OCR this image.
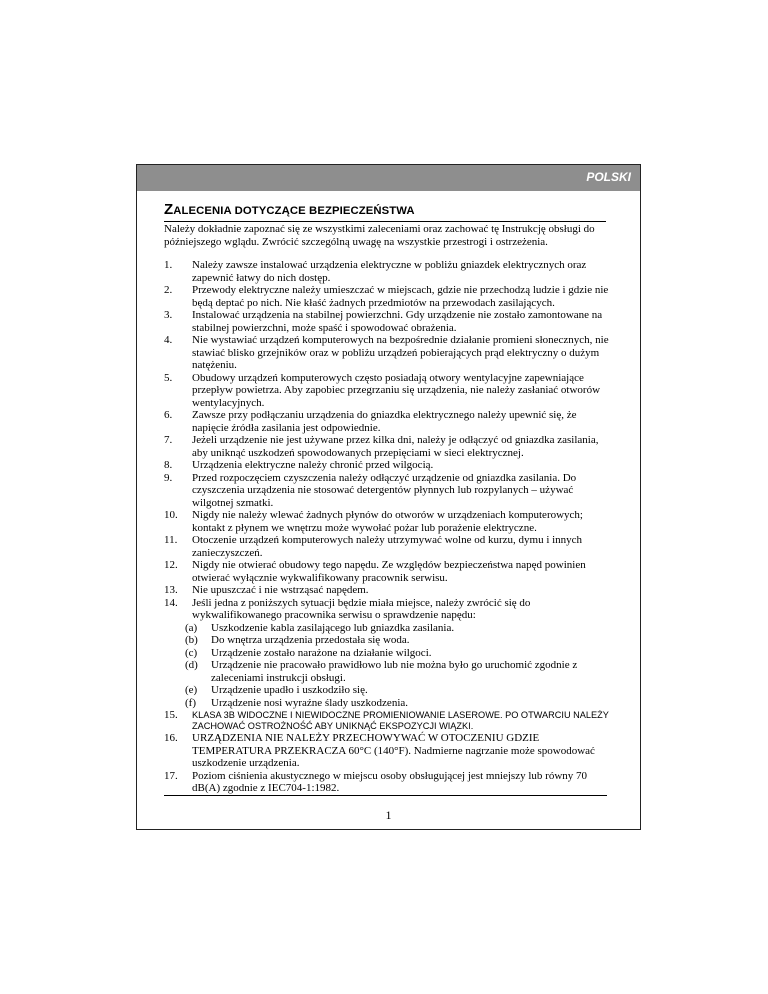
POLSKI
ZALECENIA DOTYCZĄCE BEZPIECZEŃSTWA
Należy dokładnie zapoznać się ze wszystkimi zaleceniami oraz zachować tę Instrukcję obsługi do późniejszego wglądu. Zwrócić szczególną uwagę na wszystkie przestrogi i ostrzeżenia.
1. Należy zawsze instalować urządzenia elektryczne w pobliżu gniazdek elektrycznych oraz zapewnić łatwy do nich dostęp.
2. Przewody elektryczne należy umieszczać w miejscach, gdzie nie przechodzą ludzie i gdzie nie będą deptać po nich. Nie kłaść żadnych przedmiotów na przewodach zasilających.
3. Instalować urządzenia na stabilnej powierzchni. Gdy urządzenie nie zostało zamontowane na stabilnej powierzchni, może spaść i spowodować obrażenia.
4. Nie wystawiać urządzeń komputerowych na bezpośrednie działanie promieni słonecznych, nie stawiać blisko grzejników oraz w pobliżu urządzeń pobierających prąd elektryczny o dużym natężeniu.
5. Obudowy urządzeń komputerowych często posiadają otwory wentylacyjne zapewniające przepływ powietrza. Aby zapobiec przegrzaniu się urządzenia, nie należy zasłaniać otworów wentylacyjnych.
6. Zawsze przy podłączaniu urządzenia do gniazdka elektrycznego należy upewnić się, że napięcie źródła zasilania jest odpowiednie.
7. Jeżeli urządzenie nie jest używane przez kilka dni, należy je odłączyć od gniazdka zasilania, aby uniknąć uszkodzeń spowodowanych przepięciami w sieci elektrycznej.
8. Urządzenia elektryczne należy chronić przed wilgocią.
9. Przed rozpoczęciem czyszczenia należy odłączyć urządzenie od gniazdka zasilania. Do czyszczenia urządzenia nie stosować detergentów płynnych lub rozpylanych – używać wilgotnej szmatki.
10. Nigdy nie należy wlewać żadnych płynów do otworów w urządzeniach komputerowych; kontakt z płynem we wnętrzu może wywołać pożar lub porażenie elektryczne.
11. Otoczenie urządzeń komputerowych należy utrzymywać wolne od kurzu, dymu i innych zanieczyszczeń.
12. Nigdy nie otwierać obudowy tego napędu. Ze względów bezpieczeństwa napęd powinien otwierać wyłącznie wykwalifikowany pracownik serwisu.
13. Nie upuszczać i nie wstrząsać napędem.
14. Jeśli jedna z poniższych sytuacji będzie miała miejsce, należy zwrócić się do wykwalifikowanego pracownika serwisu o sprawdzenie napędu:
(a) Uszkodzenie kabla zasilającego lub gniazdka zasilania.
(b) Do wnętrza urządzenia przedostała się woda.
(c) Urządzenie zostało narażone na działanie wilgoci.
(d) Urządzenie nie pracowało prawidłowo lub nie można było go uruchomić zgodnie z zaleceniami instrukcji obsługi.
(e) Urządzenie upadło i uszkodziło się.
(f) Urządzenie nosi wyraźne ślady uszkodzenia.
15. KLASA 3B WIDOCZNE I NIEWIDOCZNE PROMIENIOWANIE LASEROWE. PO OTWARCIU NALEŻY ZACHOWAĆ OSTROŻNOŚĆ ABY UNIKNĄĆ EKSPOZYCJI WIĄZKI.
16. URZĄDZENIA NIE NALEŻY PRZECHOWYWAĆ W OTOCZENIU GDZIE TEMPERATURA PRZEKRACZA 60°C (140°F). Nadmierne nagrzanie może spowodować uszkodzenie urządzenia.
17. Poziom ciśnienia akustycznego w miejscu osoby obsługującej jest mniejszy lub równy 70 dB(A) zgodnie z IEC704-1:1982.
1
